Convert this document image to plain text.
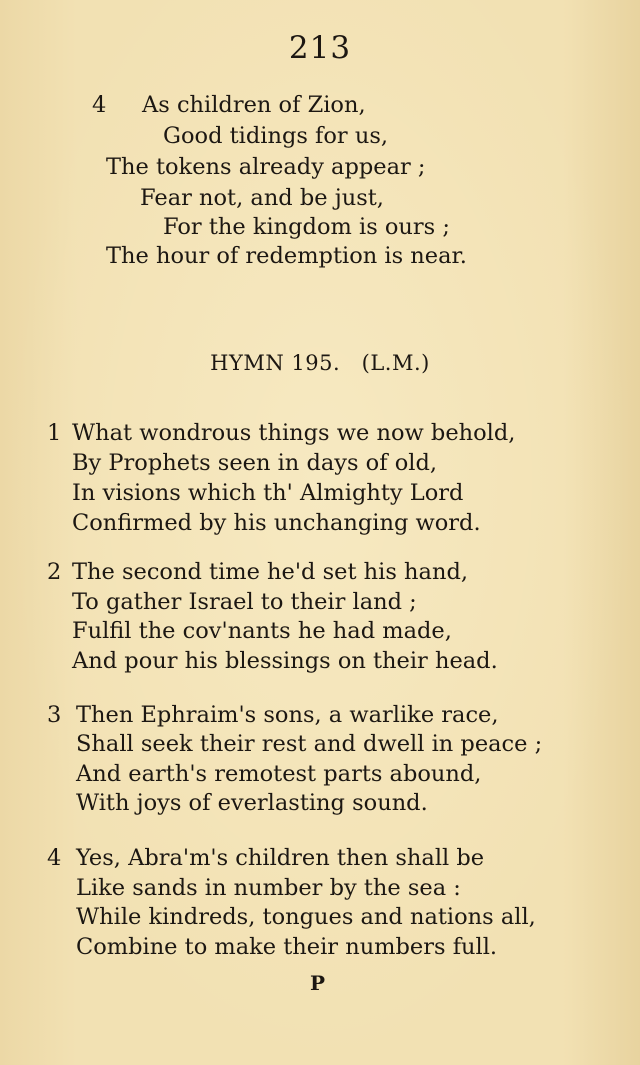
213
4 As children of Zion,
Good tidings for us,
The tokens already appear ;
Fear not, and be just,
For the kingdom is ours ;
The hour of redemption is near.
HYMN 195. (L.M.)
1 What wondrous things we now behold,
By Prophets seen in days of old,
In visions which th' Almighty Lord
Confirmed by his unchanging word.
2 The second time he'd set his hand,
To gather Israel to their land ;
Fulfil the cov'nants he had made,
And pour his blessings on their head.
3 Then Ephraim's sons, a warlike race,
Shall seek their rest and dwell in peace ;
And earth's remotest parts abound,
With joys of everlasting sound.
4 Yes, Abra'm's children then shall be
Like sands in number by the sea :
While kindreds, tongues and nations all,
Combine to make their numbers full.
P
